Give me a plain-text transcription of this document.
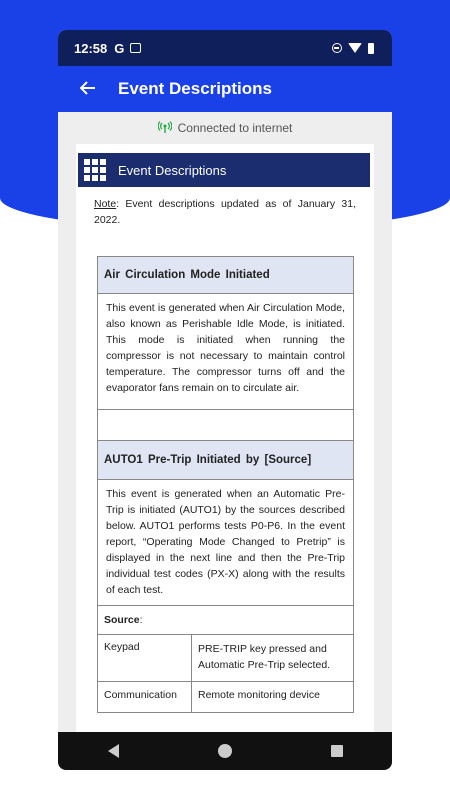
12:58 G
Event Descriptions
Connected to internet
Event Descriptions
Note: Event descriptions updated as of January 31, 2022.
Air Circulation Mode Initiated
This event is generated when Air Circulation Mode, also known as Perishable Idle Mode, is initiated. This mode is initiated when running the compressor is not necessary to maintain control temperature. The compressor turns off and the evaporator fans remain on to circulate air.
AUTO1 Pre-Trip Initiated by [Source]
This event is generated when an Automatic Pre-Trip is initiated (AUTO1) by the sources described below. AUTO1 performs tests P0-P6. In the event report, “Operating Mode Changed to Pretrip” is displayed in the next line and then the Pre-Trip individual test codes (PX-X) along with the results of each test.
Source :
Keypad	PRE-TRIP key pressed and Automatic Pre-Trip selected.
Communication	Remote monitoring device
